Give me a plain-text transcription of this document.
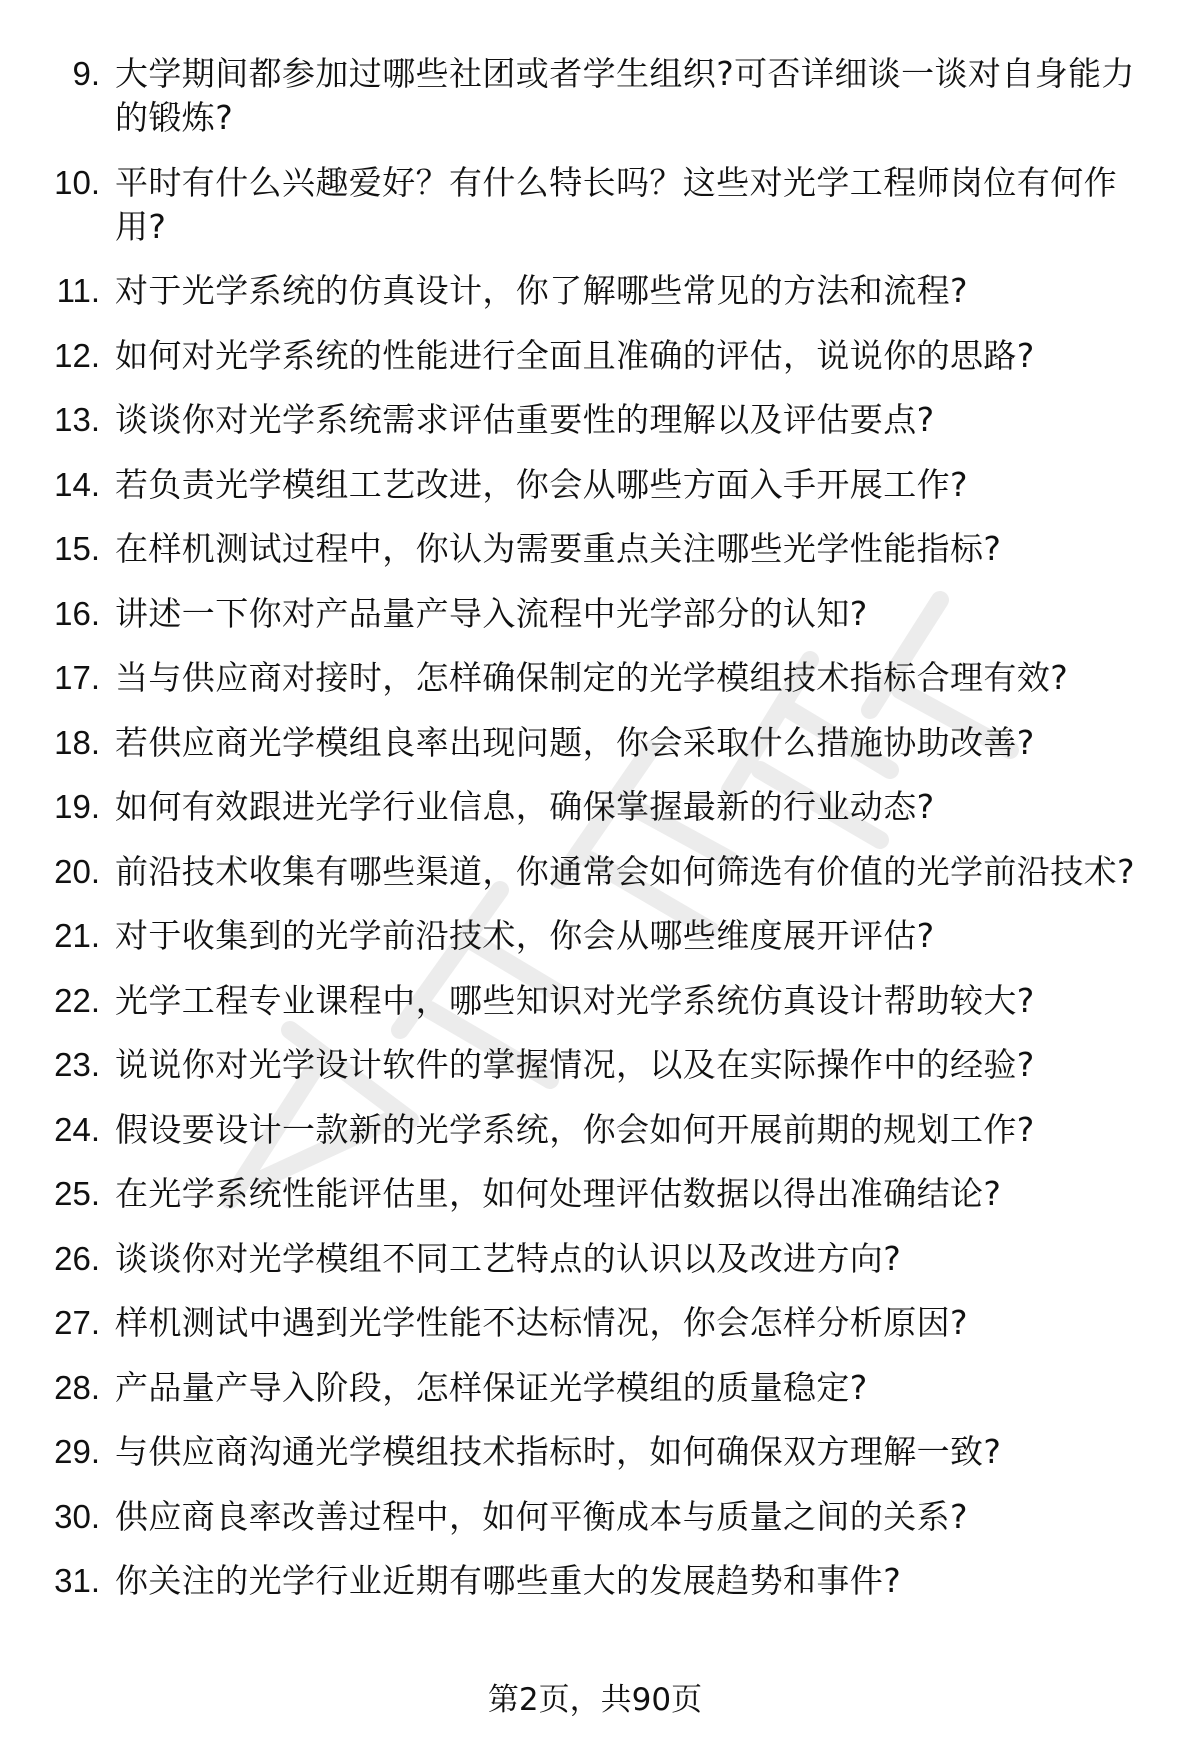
9. 大学期间都参加过哪些社团或者学生组织?可否详细谈一谈对自身能力的锻炼?
10. 平时有什么兴趣爱好？有什么特长吗？这些对光学工程师岗位有何作用?
11. 对于光学系统的仿真设计，你了解哪些常见的方法和流程?
12. 如何对光学系统的性能进行全面且准确的评估，说说你的思路?
13. 谈谈你对光学系统需求评估重要性的理解以及评估要点?
14. 若负责光学模组工艺改进，你会从哪些方面入手开展工作?
15. 在样机测试过程中，你认为需要重点关注哪些光学性能指标?
16. 讲述一下你对产品量产导入流程中光学部分的认知?
17. 当与供应商对接时，怎样确保制定的光学模组技术指标合理有效?
18. 若供应商光学模组良率出现问题，你会采取什么措施协助改善?
19. 如何有效跟进光学行业信息，确保掌握最新的行业动态?
20. 前沿技术收集有哪些渠道，你通常会如何筛选有价值的光学前沿技术?
21. 对于收集到的光学前沿技术，你会从哪些维度展开评估?
22. 光学工程专业课程中，哪些知识对光学系统仿真设计帮助较大?
23. 说说你对光学设计软件的掌握情况，以及在实际操作中的经验?
24. 假设要设计一款新的光学系统，你会如何开展前期的规划工作?
25. 在光学系统性能评估里，如何处理评估数据以得出准确结论?
26. 谈谈你对光学模组不同工艺特点的认识以及改进方向?
27. 样机测试中遇到光学性能不达标情况，你会怎样分析原因?
28. 产品量产导入阶段，怎样保证光学模组的质量稳定?
29. 与供应商沟通光学模组技术指标时，如何确保双方理解一致?
30. 供应商良率改善过程中，如何平衡成本与质量之间的关系?
31. 你关注的光学行业近期有哪些重大的发展趋势和事件?
第2页，共90页
